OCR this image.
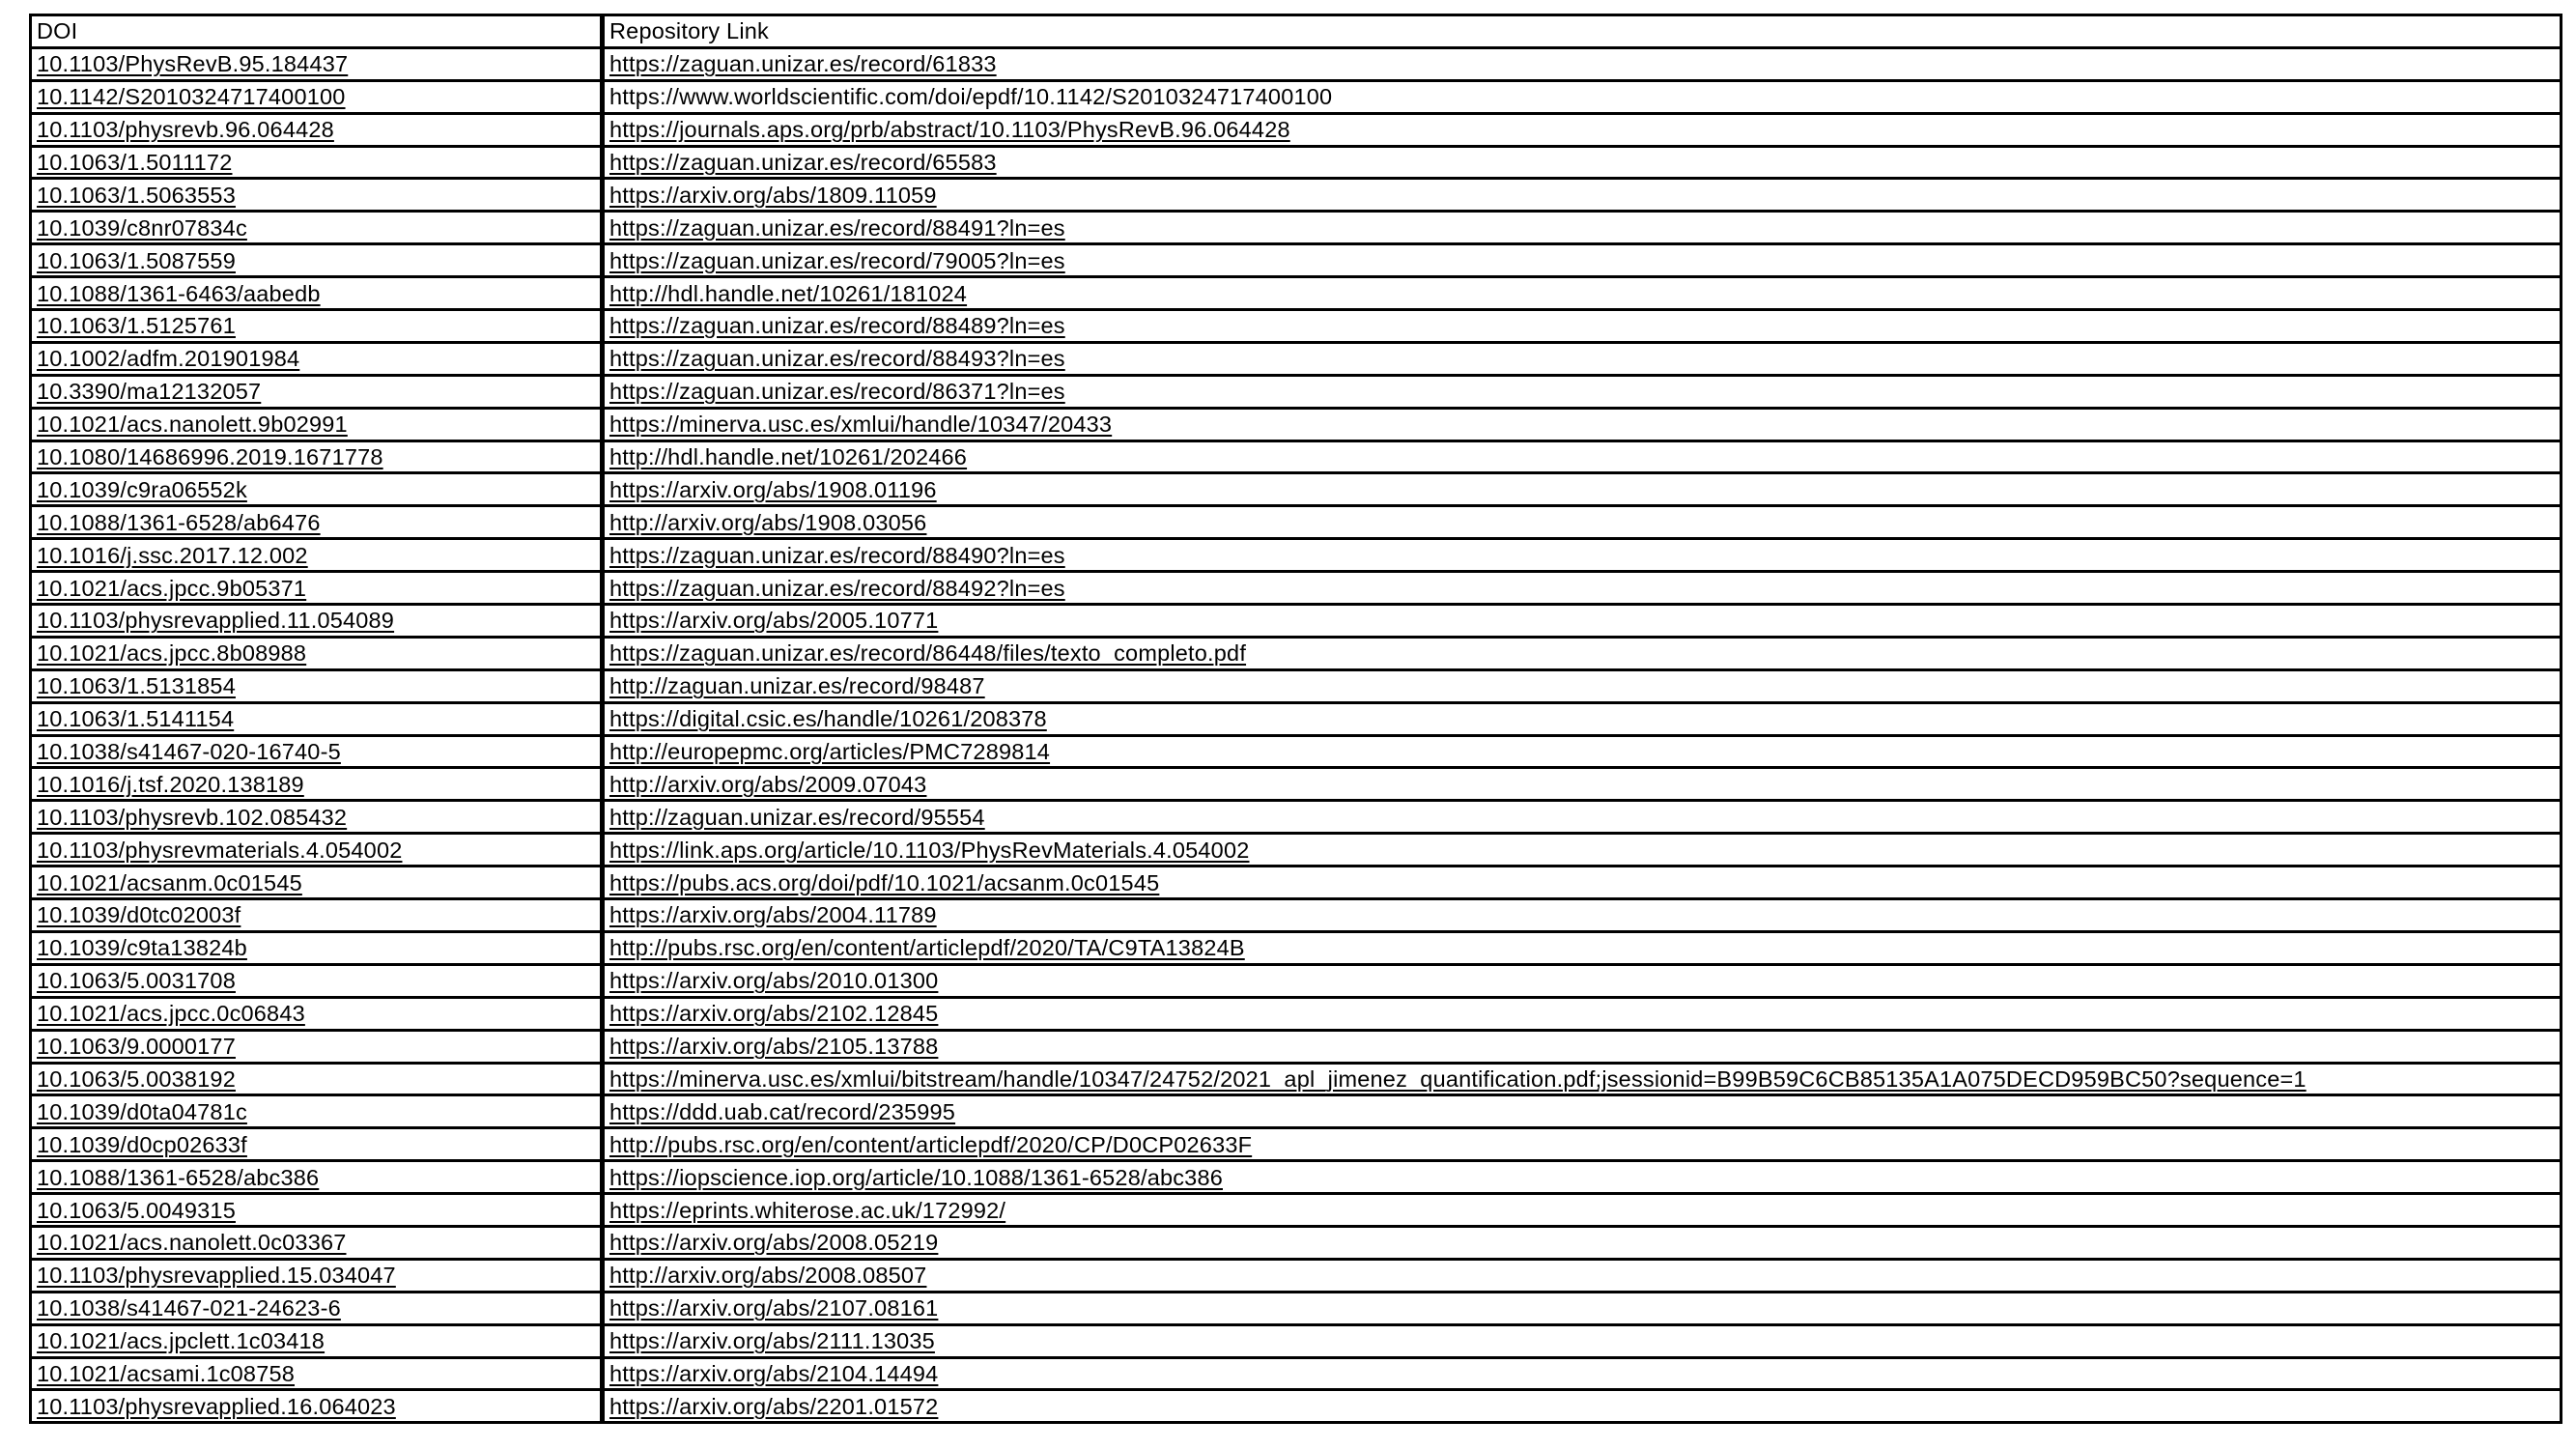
DOI	Repository Link
10.1103/PhysRevB.95.184437	https://zaguan.unizar.es/record/61833
10.1142/S2010324717400100	https://www.worldscientific.com/doi/epdf/10.1142/S2010324717400100
10.1103/physrevb.96.064428	https://journals.aps.org/prb/abstract/10.1103/PhysRevB.96.064428
10.1063/1.5011172	https://zaguan.unizar.es/record/65583
10.1063/1.5063553	https://arxiv.org/abs/1809.11059
10.1039/c8nr07834c	https://zaguan.unizar.es/record/88491?ln=es
10.1063/1.5087559	https://zaguan.unizar.es/record/79005?ln=es
10.1088/1361-6463/aabedb	http://hdl.handle.net/10261/181024
10.1063/1.5125761	https://zaguan.unizar.es/record/88489?ln=es
10.1002/adfm.201901984	https://zaguan.unizar.es/record/88493?ln=es
10.3390/ma12132057	https://zaguan.unizar.es/record/86371?ln=es
10.1021/acs.nanolett.9b02991	https://minerva.usc.es/xmlui/handle/10347/20433
10.1080/14686996.2019.1671778	http://hdl.handle.net/10261/202466
10.1039/c9ra06552k	https://arxiv.org/abs/1908.01196
10.1088/1361-6528/ab6476	http://arxiv.org/abs/1908.03056
10.1016/j.ssc.2017.12.002	https://zaguan.unizar.es/record/88490?ln=es
10.1021/acs.jpcc.9b05371	https://zaguan.unizar.es/record/88492?ln=es
10.1103/physrevapplied.11.054089	https://arxiv.org/abs/2005.10771
10.1021/acs.jpcc.8b08988	https://zaguan.unizar.es/record/86448/files/texto_completo.pdf
10.1063/1.5131854	http://zaguan.unizar.es/record/98487
10.1063/1.5141154	https://digital.csic.es/handle/10261/208378
10.1038/s41467-020-16740-5	http://europepmc.org/articles/PMC7289814
10.1016/j.tsf.2020.138189	http://arxiv.org/abs/2009.07043
10.1103/physrevb.102.085432	http://zaguan.unizar.es/record/95554
10.1103/physrevmaterials.4.054002	https://link.aps.org/article/10.1103/PhysRevMaterials.4.054002
10.1021/acsanm.0c01545	https://pubs.acs.org/doi/pdf/10.1021/acsanm.0c01545
10.1039/d0tc02003f	https://arxiv.org/abs/2004.11789
10.1039/c9ta13824b	http://pubs.rsc.org/en/content/articlepdf/2020/TA/C9TA13824B
10.1063/5.0031708	https://arxiv.org/abs/2010.01300
10.1021/acs.jpcc.0c06843	https://arxiv.org/abs/2102.12845
10.1063/9.0000177	https://arxiv.org/abs/2105.13788
10.1063/5.0038192	https://minerva.usc.es/xmlui/bitstream/handle/10347/24752/2021_apl_jimenez_quantification.pdf;jsessionid=B99B59C6CB85135A1A075DECD959BC50?sequence=1
10.1039/d0ta04781c	https://ddd.uab.cat/record/235995
10.1039/d0cp02633f	http://pubs.rsc.org/en/content/articlepdf/2020/CP/D0CP02633F
10.1088/1361-6528/abc386	https://iopscience.iop.org/article/10.1088/1361-6528/abc386
10.1063/5.0049315	https://eprints.whiterose.ac.uk/172992/
10.1021/acs.nanolett.0c03367	https://arxiv.org/abs/2008.05219
10.1103/physrevapplied.15.034047	http://arxiv.org/abs/2008.08507
10.1038/s41467-021-24623-6	https://arxiv.org/abs/2107.08161
10.1021/acs.jpclett.1c03418	https://arxiv.org/abs/2111.13035
10.1021/acsami.1c08758	https://arxiv.org/abs/2104.14494
10.1103/physrevapplied.16.064023	https://arxiv.org/abs/2201.01572
